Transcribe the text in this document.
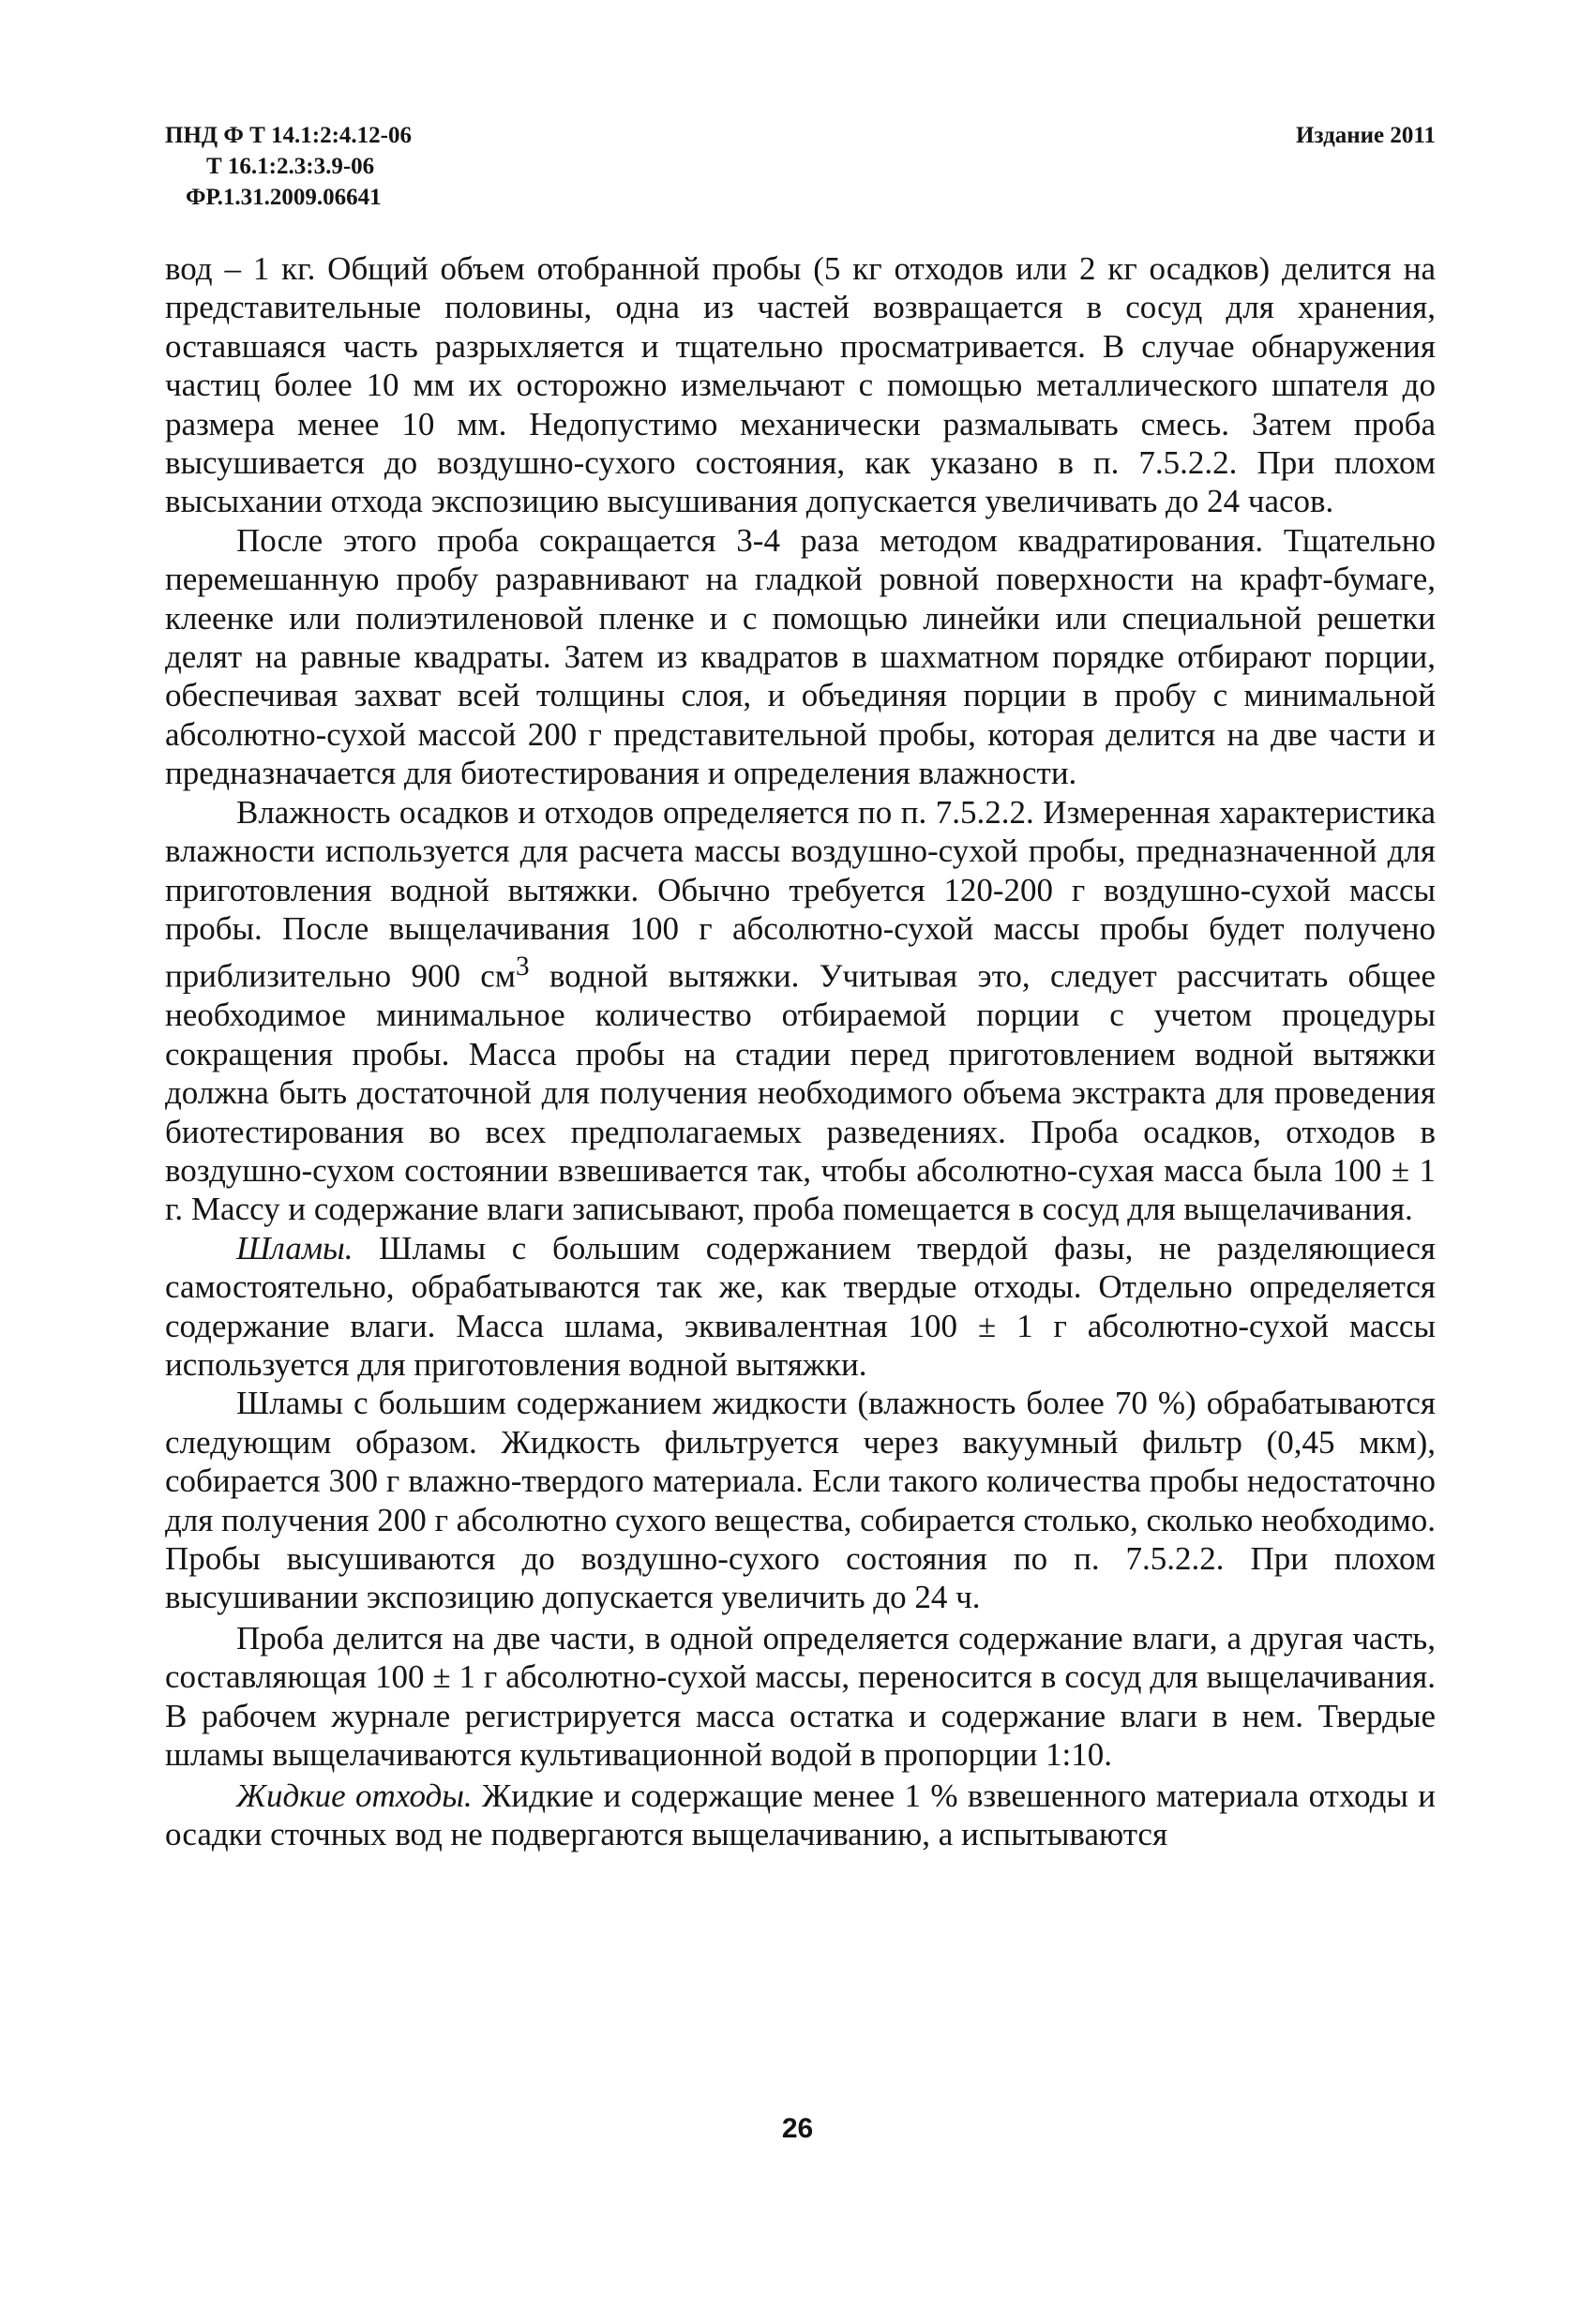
ПНД Ф Т 14.1:2:4.12-06
Т 16.1:2.3:3.9-06
ФР.1.31.2009.06641
Издание 2011

вод – 1 кг. Общий объем отобранной пробы (5 кг отходов или 2 кг осадков) делится на представительные половины, одна из частей возвращается в сосуд для хранения, оставшаяся часть разрыхляется и тщательно просматривается. В случае обнаружения частиц более 10 мм их осторожно измельчают с помощью металлического шпателя до размера менее 10 мм. Недопустимо механически размалывать смесь. Затем проба высушивается до воздушно-сухого состояния, как указано в п. 7.5.2.2. При плохом высыхании отхода экспозицию высушивания допускается увеличивать до 24 часов.

После этого проба сокращается 3-4 раза методом квадратирования. Тщательно перемешанную пробу разравнивают на гладкой ровной поверхности на крафт-бумаге, клеенке или полиэтиленовой пленке и с помощью линейки или специальной решетки делят на равные квадраты. Затем из квадратов в шахматном порядке отбирают порции, обеспечивая захват всей толщины слоя, и объединяя порции в пробу с минимальной абсолютно-сухой массой 200 г представительной пробы, которая делится на две части и предназначается для биотестирования и определения влажности.

Влажность осадков и отходов определяется по п. 7.5.2.2. Измеренная характеристика влажности используется для расчета массы воздушно-сухой пробы, предназначенной для приготовления водной вытяжки. Обычно требуется 120-200 г воздушно-сухой массы пробы. После выщелачивания 100 г абсолютно-сухой массы пробы будет получено приблизительно 900 $см^3$ водной вытяжки. Учитывая это, следует рассчитать общее необходимое минимальное количество отбираемой порции с учетом процедуры сокращения пробы. Масса пробы на стадии перед приготовлением водной вытяжки должна быть достаточной для получения необходимого объема экстракта для проведения биотестирования во всех предполагаемых разведениях. Проба осадков, отходов в воздушно-сухом состоянии взвешивается так, чтобы абсолютно-сухая масса была 100 ± 1 г. Массу и содержание влаги записывают, проба помещается в сосуд для выщелачивания.

Шламы. Шламы с большим содержанием твердой фазы, не разделяющиеся самостоятельно, обрабатываются так же, как твердые отходы. Отдельно определяется содержание влаги. Масса шлама, эквивалентная 100 ± 1 г абсолютно-сухой массы используется для приготовления водной вытяжки.

Шламы с большим содержанием жидкости (влажность более 70 %) обрабатываются следующим образом. Жидкость фильтруется через вакуумный фильтр (0,45 мкм), собирается 300 г влажно-твердого материала. Если такого количества пробы недостаточно для получения 200 г абсолютно сухого вещества, собирается столько, сколько необходимо. Пробы высушиваются до воздушно-сухого состояния по п. 7.5.2.2. При плохом высушивании экспозицию допускается увеличить до 24 ч.

Проба делится на две части, в одной определяется содержание влаги, а другая часть, составляющая 100 ± 1 г абсолютно-сухой массы, переносится в сосуд для выщелачивания. В рабочем журнале регистрируется масса остатка и содержание влаги в нем. Твердые шламы выщелачиваются культивационной водой в пропорции 1:10.

Жидкие отходы. Жидкие и содержащие менее 1 % взвешенного материала отходы и осадки сточных вод не подвергаются выщелачиванию, а испытываются

26
